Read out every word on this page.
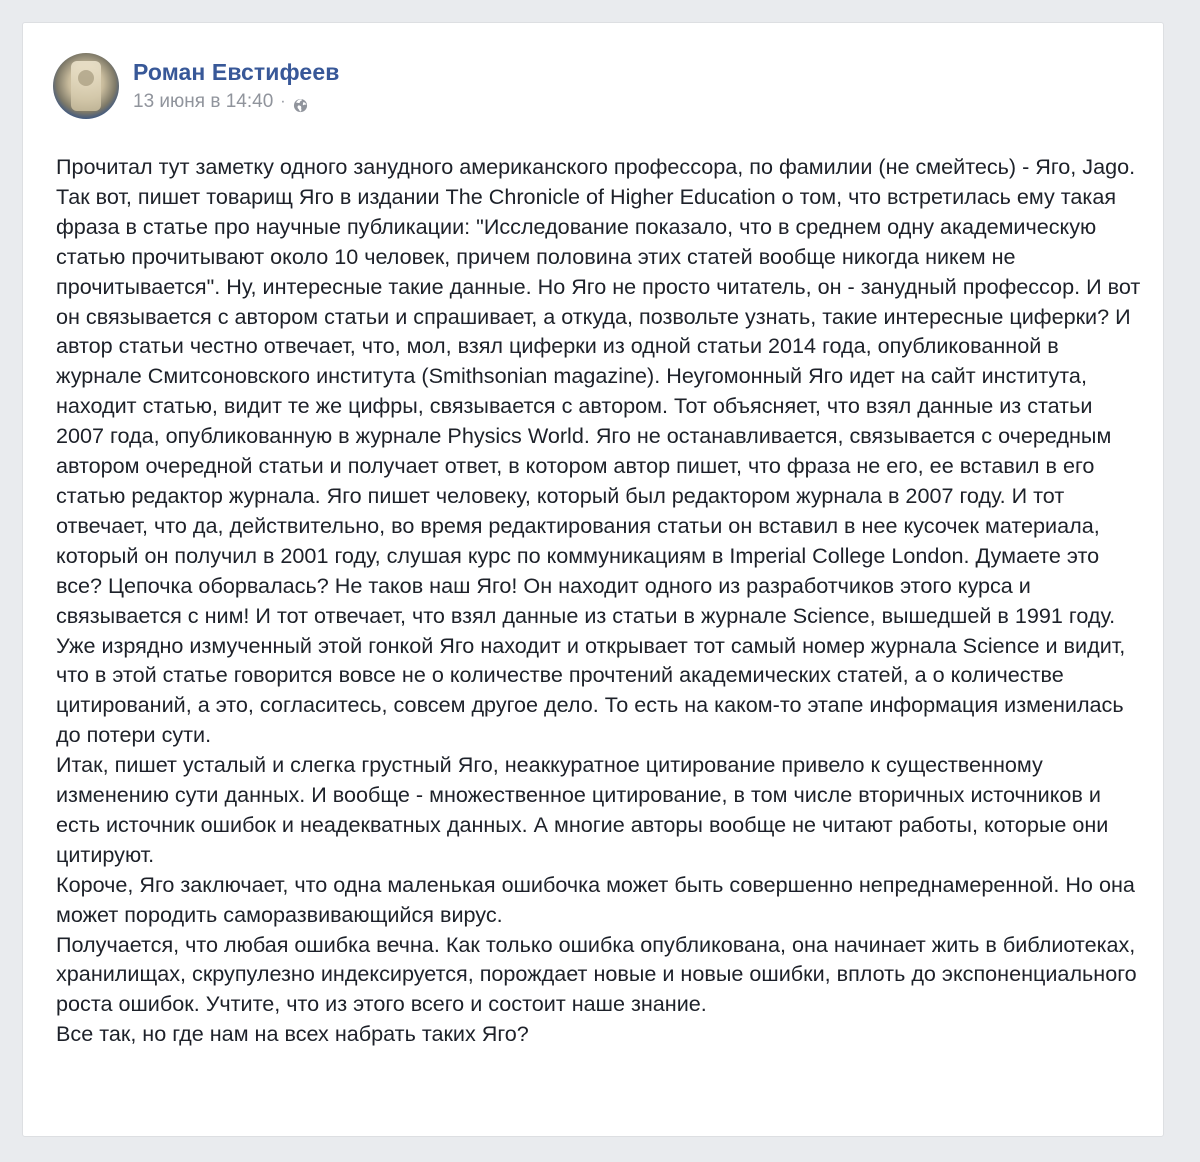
Роман Евстифеев
13 июня в 14:40 ·

Прочитал тут заметку одного занудного американского профессора, по фамилии (не смейтесь) - Яго, Jago. Так вот, пишет товарищ Яго в издании The Chronicle of Higher Education о том, что встретилась ему такая фраза в статье про научные публикации: "Исследование показало, что в среднем одну академическую статью прочитывают около 10 человек, причем половина этих статей вообще никогда никем не прочитывается". Ну, интересные такие данные. Но Яго не просто читатель, он - занудный профессор. И вот он связывается с автором статьи и спрашивает, а откуда, позвольте узнать, такие интересные циферки? И автор статьи честно отвечает, что, мол, взял циферки из одной статьи 2014 года, опубликованной в журнале Смитсоновского института (Smithsonian magazine). Неугомонный Яго идет на сайт института, находит статью, видит те же цифры, связывается с автором. Тот объясняет, что взял данные из статьи 2007 года, опубликованную в журнале Physics World. Яго не останавливается, связывается с очередным автором очередной статьи и получает ответ, в котором автор пишет, что фраза не его, ее вставил в его статью редактор журнала. Яго пишет человеку, который был редактором журнала в 2007 году. И тот отвечает, что да, действительно, во время редактирования статьи он вставил в нее кусочек материала, который он получил в 2001 году, слушая курс по коммуникациям в Imperial College London. Думаете это все? Цепочка оборвалась? Не таков наш Яго! Он находит одного из разработчиков этого курса и связывается с ним! И тот отвечает, что взял данные из статьи в журнале Science, вышедшей в 1991 году. Уже изрядно измученный этой гонкой Яго находит и открывает тот самый номер журнала Science и видит, что в этой статье говорится вовсе не о количестве прочтений академических статей, а о количестве цитирований, а это, согласитесь, совсем другое дело. То есть на каком-то этапе информация изменилась до потери сути.

Итак, пишет усталый и слегка грустный Яго, неаккуратное цитирование привело к существенному изменению сути данных. И вообще - множественное цитирование, в том числе вторичных источников и есть источник ошибок и неадекватных данных. А многие авторы вообще не читают работы, которые они цитируют.

Короче, Яго заключает, что одна маленькая ошибочка может быть совершенно непреднамеренной. Но она может породить саморазвивающийся вирус.

Получается, что любая ошибка вечна. Как только ошибка опубликована, она начинает жить в библиотеках, хранилищах, скрупулезно индексируется, порождает новые и новые ошибки, вплоть до экспоненциального роста ошибок. Учтите, что из этого всего и состоит наше знание.

Все так, но где нам на всех набрать таких Яго?
